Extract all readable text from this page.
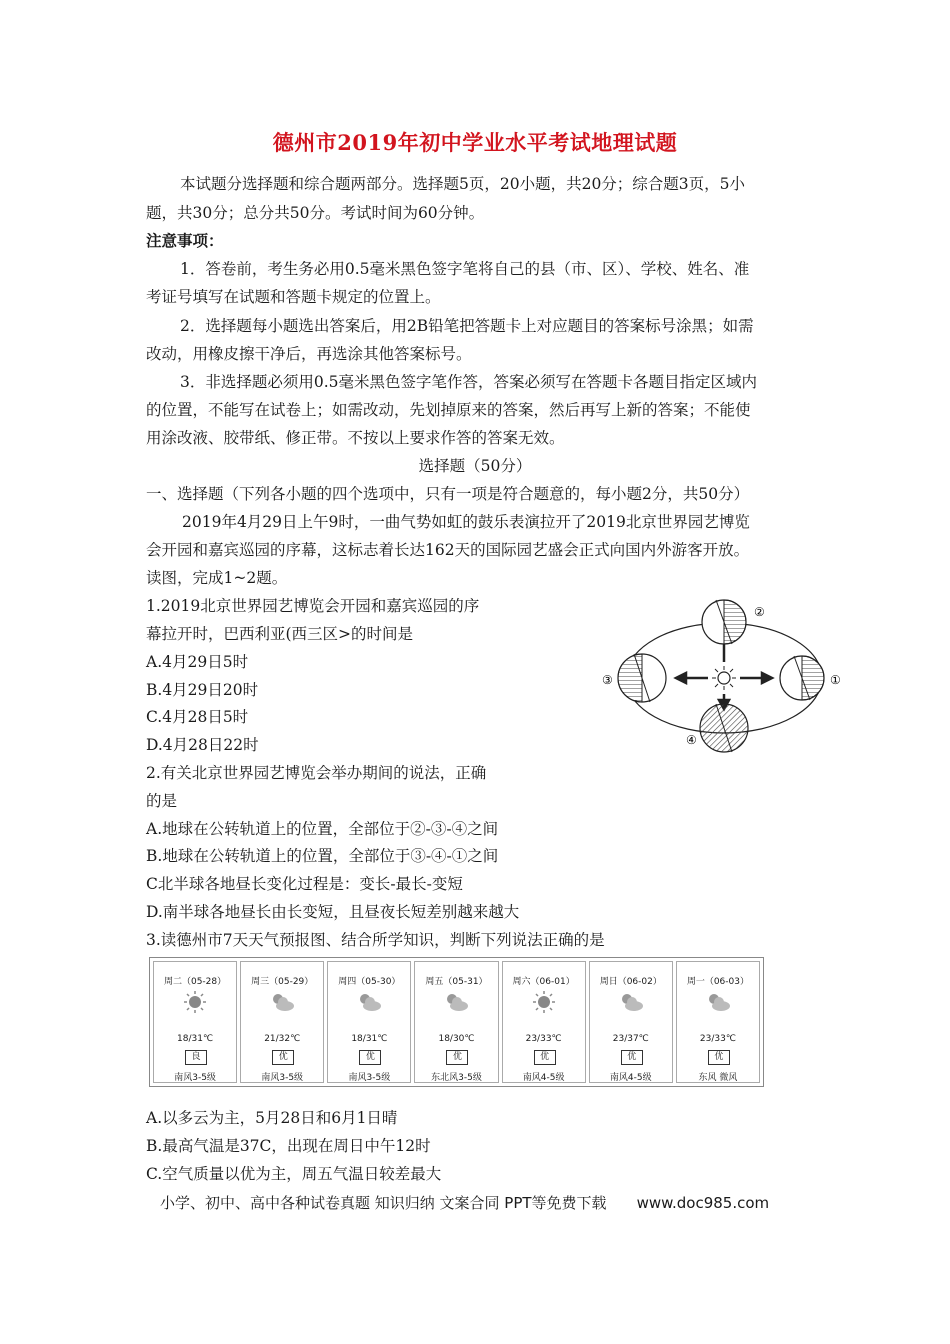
德州市2019年初中学业水平考试地理试题
本试题分选择题和综合题两部分。选择题5页，20小题，共20分；综合题3页，5小
题，共30分；总分共50分。考试时间为60分钟。
注意事项：
1．答卷前，考生务必用0.5毫米黑色签字笔将自己的县（市、区）、学校、姓名、准
考证号填写在试题和答题卡规定的位置上。
2．选择题每小题选出答案后，用2B铅笔把答题卡上对应题目的答案标号涂黑；如需
改动，用橡皮擦干净后，再选涂其他答案标号。
3．非选择题必须用0.5毫米黑色签字笔作答，答案必须写在答题卡各题目指定区域内
的位置，不能写在试卷上；如需改动，先划掉原来的答案，然后再写上新的答案；不能使
用涂改液、胶带纸、修正带。不按以上要求作答的答案无效。
选择题（50分）
一、选择题（下列各小题的四个选项中，只有一项是符合题意的，每小题2分，共50分）
2019年4月29日上午9时，一曲气势如虹的鼓乐表演拉开了2019北京世界园艺博览
会开园和嘉宾巡园的序幕，这标志着长达162天的国际园艺盛会正式向国内外游客开放。
读图，完成1~2题。
1.2019北京世界园艺博览会开园和嘉宾巡园的序
幕拉开时，巴西利亚(西三区>的时间是
A.4月29日5时
B.4月29日20时
C.4月28日5时
D.4月28日22时
2.有关北京世界园艺博览会举办期间的说法，正确
的是
A.地球在公转轨道上的位置，全部位于②-③-④之间
B.地球在公转轨道上的位置，全部位于③-④-①之间
C北半球各地昼长变化过程是：变长-最长-变短
D.南半球各地昼长由长变短，且昼夜长短差别越来越大
3.读德州市7天天气预报图、结合所学知识，判断下列说法正确的是
②
③	①
④
周二（05-28）
18/31℃
良
南风3-5级
周三（05-29）
21/32℃
优
南风3-5级
周四（05-30）
18/31℃
优
南风3-5级
周五（05-31）
18/30℃
优
东北风3-5级
周六（06-01）
23/33℃
优
南风4-5级
周日（06-02）
23/37℃
优
南风4-5级
周一（06-03）
23/33℃
优
东风 微风
A.以多云为主，5月28日和6月1日晴
B.最高气温是37C，出现在周日中午12时
C.空气质量以优为主，周五气温日较差最大
小学、初中、高中各种试卷真题 知识归纳 文案合同 PPT等免费下载 www.doc985.com
